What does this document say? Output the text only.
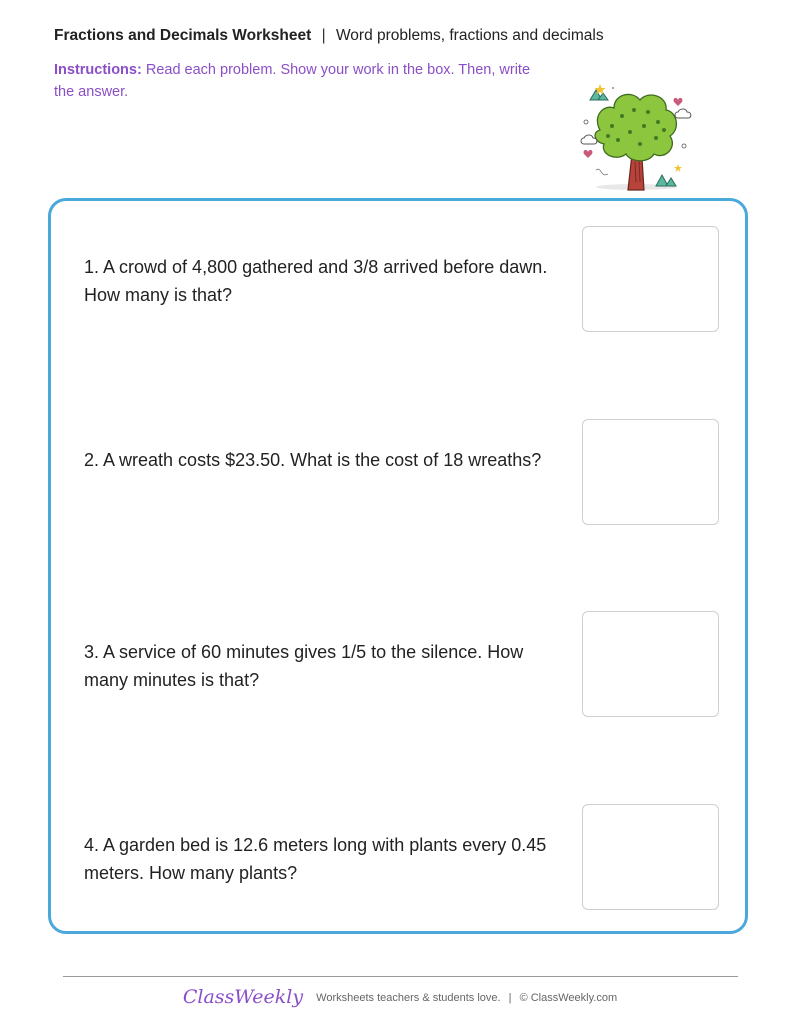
Fractions and Decimals Worksheet | Word problems, fractions and decimals
Instructions: Read each problem. Show your work in the box. Then, write the answer.
1. A crowd of 4,800 gathered and 3/8 arrived before dawn. How many is that?
2. A wreath costs $23.50. What is the cost of 18 wreaths?
3. A service of 60 minutes gives 1/5 to the silence. How many minutes is that?
4. A garden bed is 12.6 meters long with plants every 0.45 meters. How many plants?
ClassWeekly Worksheets teachers & students love. | © ClassWeekly.com
